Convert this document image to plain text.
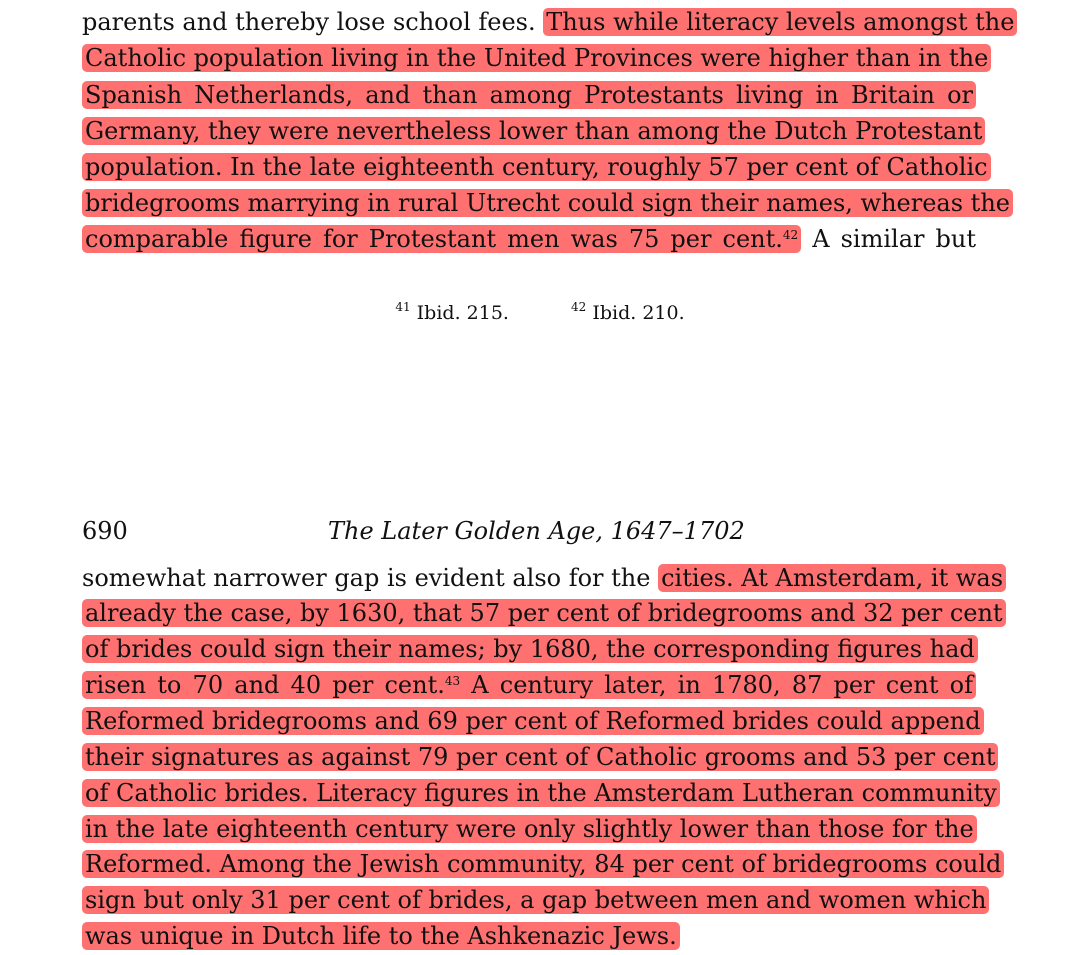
parents and thereby lose school fees. Thus while literacy levels amongst the
Catholic population living in the United Provinces were higher than in the
Spanish Netherlands, and than among Protestants living in Britain or
Germany, they were nevertheless lower than among the Dutch Protestant
population. In the late eighteenth century, roughly 57 per cent of Catholic
bridegrooms marrying in rural Utrecht could sign their names, whereas the
comparable figure for Protestant men was 75 per cent.$^{42}$ A similar but
$^{41}$ Ibid. 215.	$^{42}$ Ibid. 210.
690	The Later Golden Age, 1647–1702
somewhat narrower gap is evident also for the cities. At Amsterdam, it was
already the case, by 1630, that 57 per cent of bridegrooms and 32 per cent
of brides could sign their names; by 1680, the corresponding figures had
risen to 70 and 40 per cent.$^{43}$ A century later, in 1780, 87 per cent of
Reformed bridegrooms and 69 per cent of Reformed brides could append
their signatures as against 79 per cent of Catholic grooms and 53 per cent
of Catholic brides. Literacy figures in the Amsterdam Lutheran community
in the late eighteenth century were only slightly lower than those for the
Reformed. Among the Jewish community, 84 per cent of bridegrooms could
sign but only 31 per cent of brides, a gap between men and women which
was unique in Dutch life to the Ashkenazic Jews.
